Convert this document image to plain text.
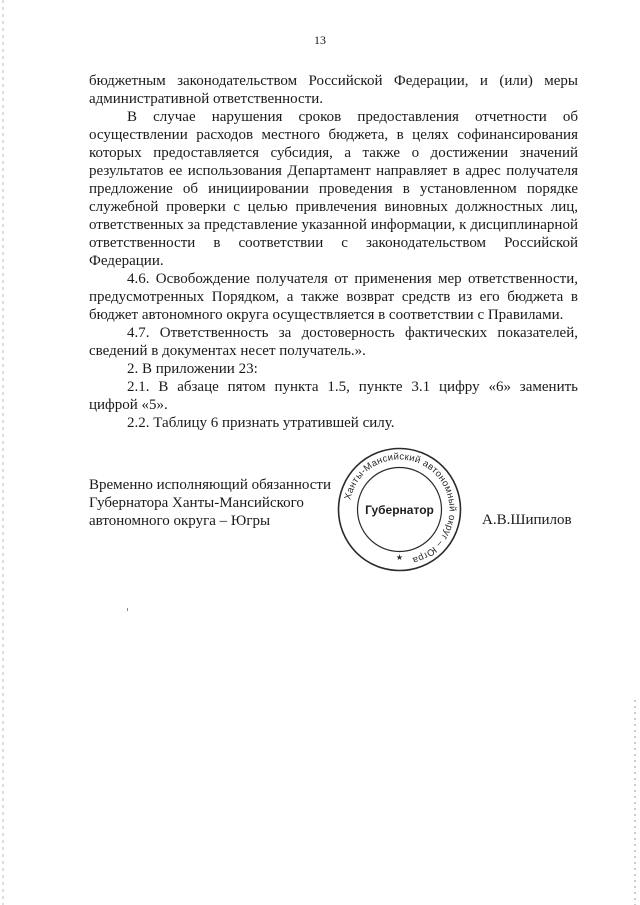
13

бюджетным законодательством Российской Федерации, и (или) меры административной ответственности.

В случае нарушения сроков предоставления отчетности об осуществлении расходов местного бюджета, в целях софинансирования которых предоставляется субсидия, а также о достижении значений результатов ее использования Департамент направляет в адрес получателя предложение об инициировании проведения в установленном порядке служебной проверки с целью привлечения виновных должностных лиц, ответственных за представление указанной информации, к дисциплинарной ответственности в соответствии с законодательством Российской Федерации.

4.6. Освобождение получателя от применения мер ответственности, предусмотренных Порядком, а также возврат средств из его бюджета в бюджет автономного округа осуществляется в соответствии с Правилами.

4.7. Ответственность за достоверность фактических показателей, сведений в документах несет получатель.».

2. В приложении 23:

2.1. В абзаце пятом пункта 1.5, пункте 3.1 цифру «6» заменить цифрой «5».

2.2. Таблицу 6 признать утратившей силу.

Временно исполняющий обязанности
Губернатора Ханты-Мансийского
автономного округа – Югры
Ханты-Мансийский автономный округ – Югра
Губернатор
★
А.В.Шипилов
